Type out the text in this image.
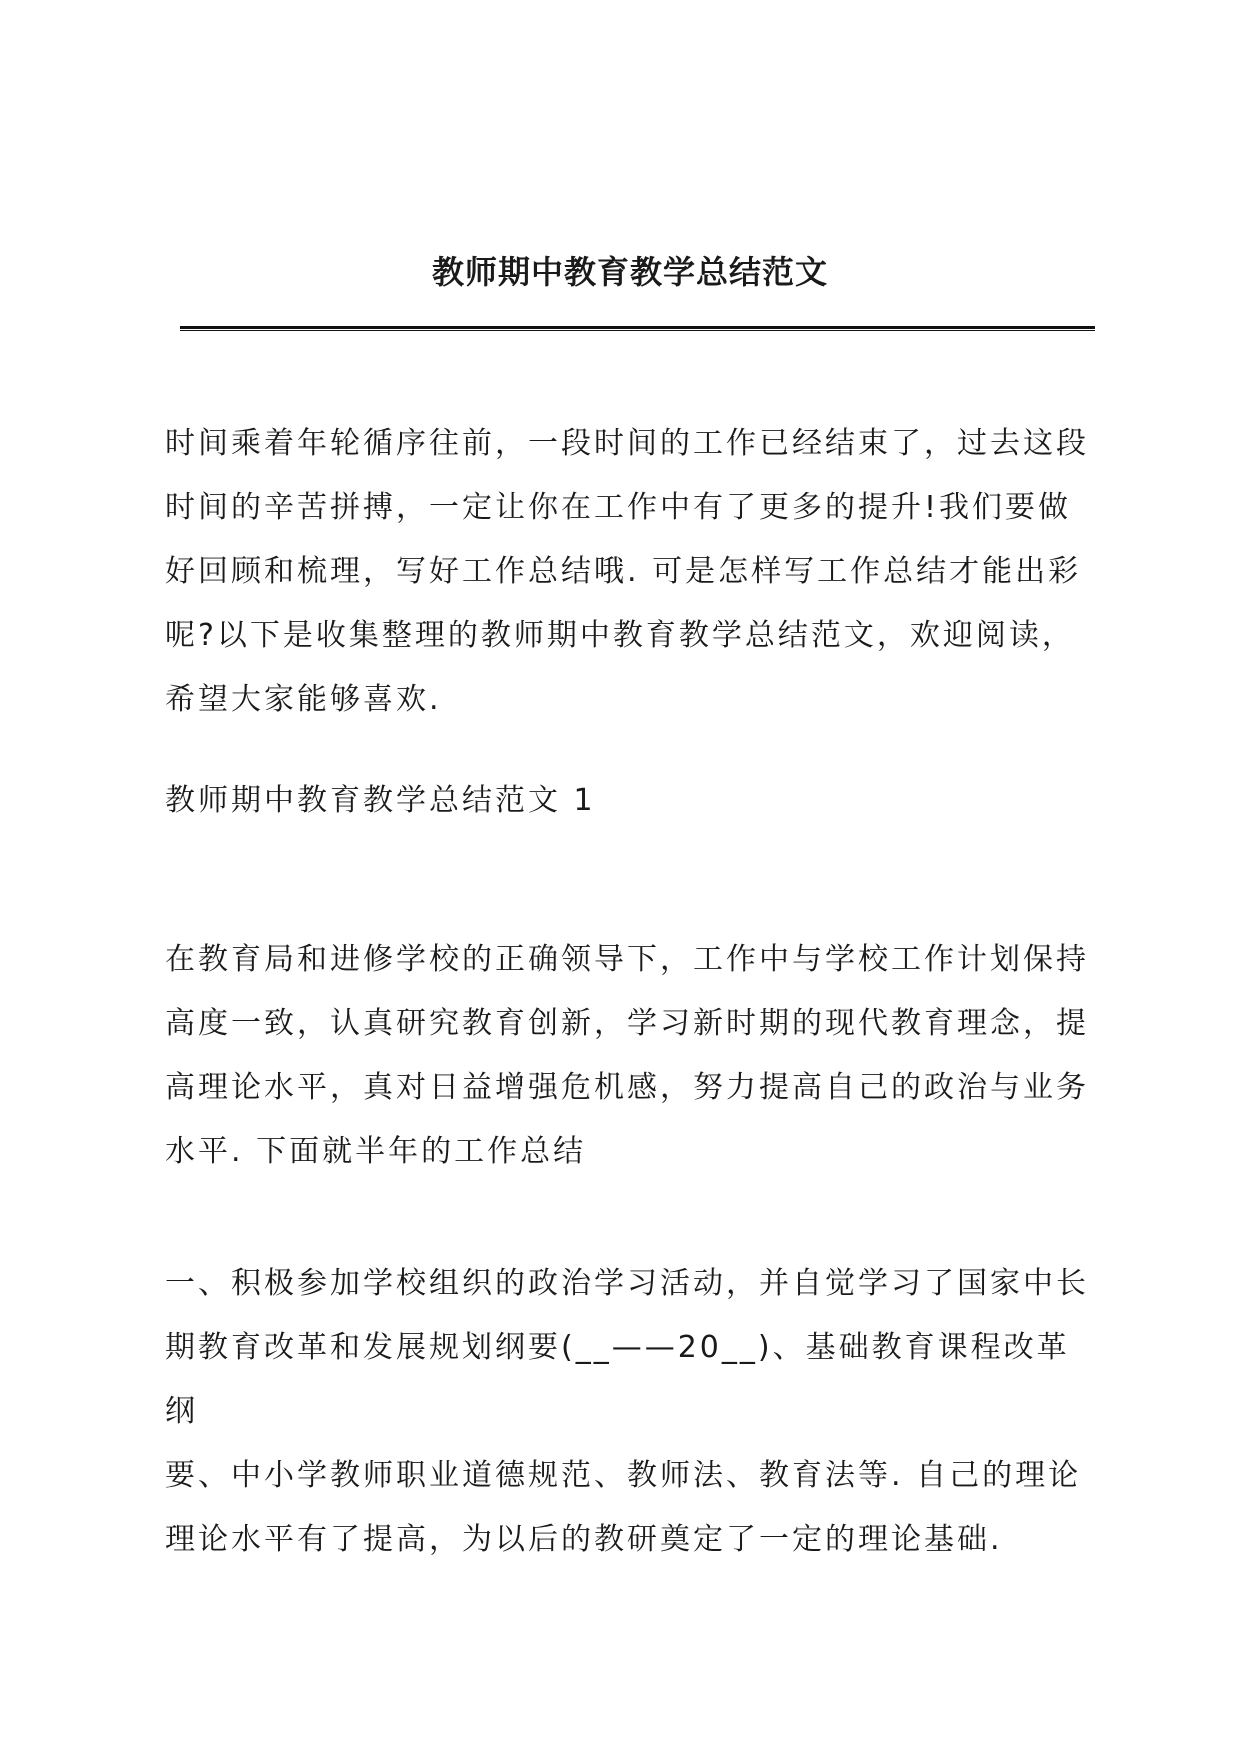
教师期中教育教学总结范文

时间乘着年轮循序往前，一段时间的工作已经结束了，过去这段
时间的辛苦拼搏，一定让你在工作中有了更多的提升!我们要做
好回顾和梳理，写好工作总结哦. 可是怎样写工作总结才能出彩
呢?以下是收集整理的教师期中教育教学总结范文，欢迎阅读，
希望大家能够喜欢.

教师期中教育教学总结范文 1

在教育局和进修学校的正确领导下，工作中与学校工作计划保持
高度一致，认真研究教育创新，学习新时期的现代教育理念，提
高理论水平，真对日益增强危机感，努力提高自己的政治与业务
水平. 下面就半年的工作总结

一、积极参加学校组织的政治学习活动，并自觉学习了国家中长
期教育改革和发展规划纲要(__——20__)、基础教育课程改革纲
要、中小学教师职业道德规范、教师法、教育法等. 自己的理论
理论水平有了提高，为以后的教研奠定了一定的理论基础.
